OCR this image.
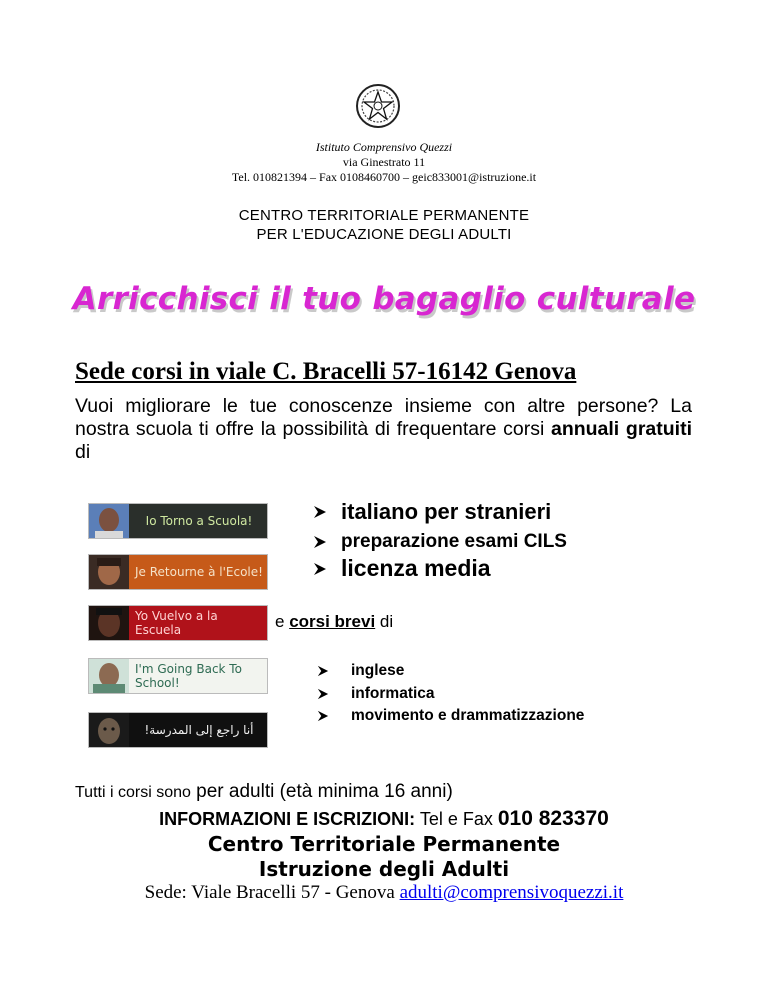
Istituto Comprensivo Quezzi
via Ginestrato 11
Tel. 010821394 – Fax 0108460700 – geic833001@istruzione.it
CENTRO TERRITORIALE PERMANENTE
PER L'EDUCAZIONE DEGLI ADULTI
Arricchisci il tuo bagaglio culturale
Sede corsi in viale C. Bracelli 57-16142 Genova
Vuoi migliorare le tue conoscenze insieme con altre persone? La nostra scuola ti offre la possibilità di frequentare corsi annuali gratuiti di
Io Torno a Scuola!
Je Retourne à l'Ecole!
Yo Vuelvo a la Escuela
I'm Going Back To School!
أنا راجع إلى المدرسة!
italiano per stranieri
preparazione esami CILS
licenza media
e corsi brevi di
inglese
informatica
movimento e drammatizzazione
Tutti i corsi sono per adulti (età minima 16 anni)
INFORMAZIONI E ISCRIZIONI: Tel e Fax 010 823370
Centro Territoriale Permanente
Istruzione degli Adulti
Sede: Viale Bracelli 57 - Genova adulti@comprensivoquezzi.it
